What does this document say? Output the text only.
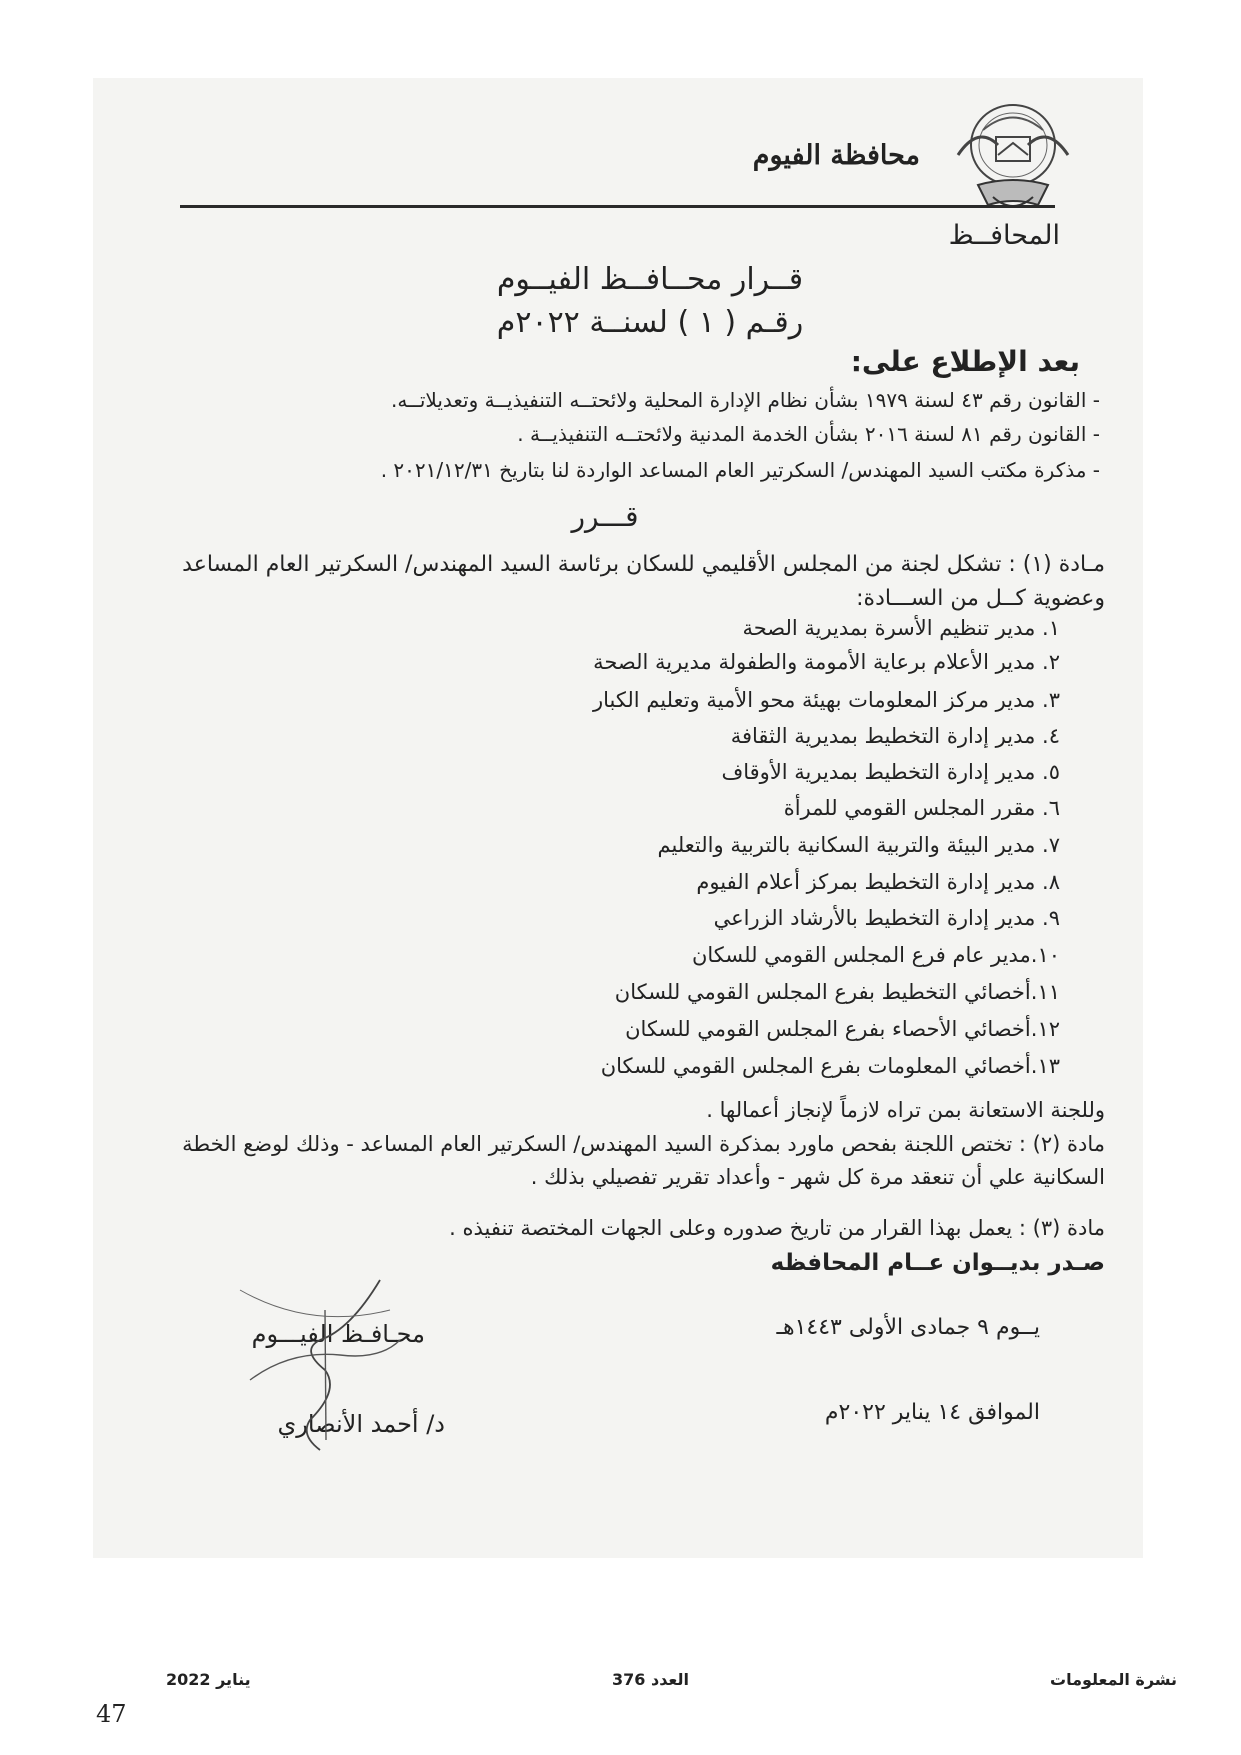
محافظة الفيوم
المحافــظ
قــرار محــافــظ الفيــوم
رقـم ( ١ ) لسنــة ٢٠٢٢م
بعد الإطلاع على:
- القانون رقم ٤٣ لسنة ١٩٧٩ بشأن نظام الإدارة المحلية ولائحتــه التنفيذيــة وتعديلاتــه.
- القانون رقم ٨١ لسنة ٢٠١٦ بشأن الخدمة المدنية ولائحتــه التنفيذيــة .
- مذكرة مكتب السيد المهندس/ السكرتير العام المساعد الواردة لنا بتاريخ ٢٠٢١/١٢/٣١ .
قـــرر
مـادة (١) : تشكل لجنة من المجلس الأقليمي للسكان برئاسة السيد المهندس/ السكرتير العام المساعد وعضوية كــل من الســـادة:
١. مدير تنظيم الأسرة بمديرية الصحة
٢. مدير الأعلام برعاية الأمومة والطفولة مديرية الصحة
٣. مدير مركز المعلومات بهيئة محو الأمية وتعليم الكبار
٤. مدير إدارة التخطيط بمديرية الثقافة
٥. مدير إدارة التخطيط بمديرية الأوقاف
٦. مقرر المجلس القومي للمرأة
٧. مدير البيئة والتربية السكانية بالتربية والتعليم
٨. مدير إدارة التخطيط بمركز أعلام الفيوم
٩. مدير إدارة التخطيط بالأرشاد الزراعي
١٠.مدير عام فرع المجلس القومي للسكان
١١.أخصائي التخطيط بفرع المجلس القومي للسكان
١٢.أخصائي الأحصاء بفرع المجلس القومي للسكان
١٣.أخصائي المعلومات بفرع المجلس القومي للسكان
وللجنة الاستعانة بمن تراه لازماً لإنجاز أعمالها .
مادة (٢) : تختص اللجنة بفحص ماورد بمذكرة السيد المهندس/ السكرتير العام المساعد - وذلك لوضع الخطة السكانية علي أن تنعقد مرة كل شهر - وأعداد تقرير تفصيلي بذلك .
مادة (٣) : يعمل بهذا القرار من تاريخ صدوره وعلى الجهات المختصة تنفيذه .
صـدر بديــوان عــام المحافظه
يــوم ٩ جمادى الأولى ١٤٤٣هـ
الموافق ١٤ يناير ٢٠٢٢م
محـافـظ الفيـــوم
د/ أحمد الأنصاري
نشرة المعلومات
العدد 376
يناير 2022
47
